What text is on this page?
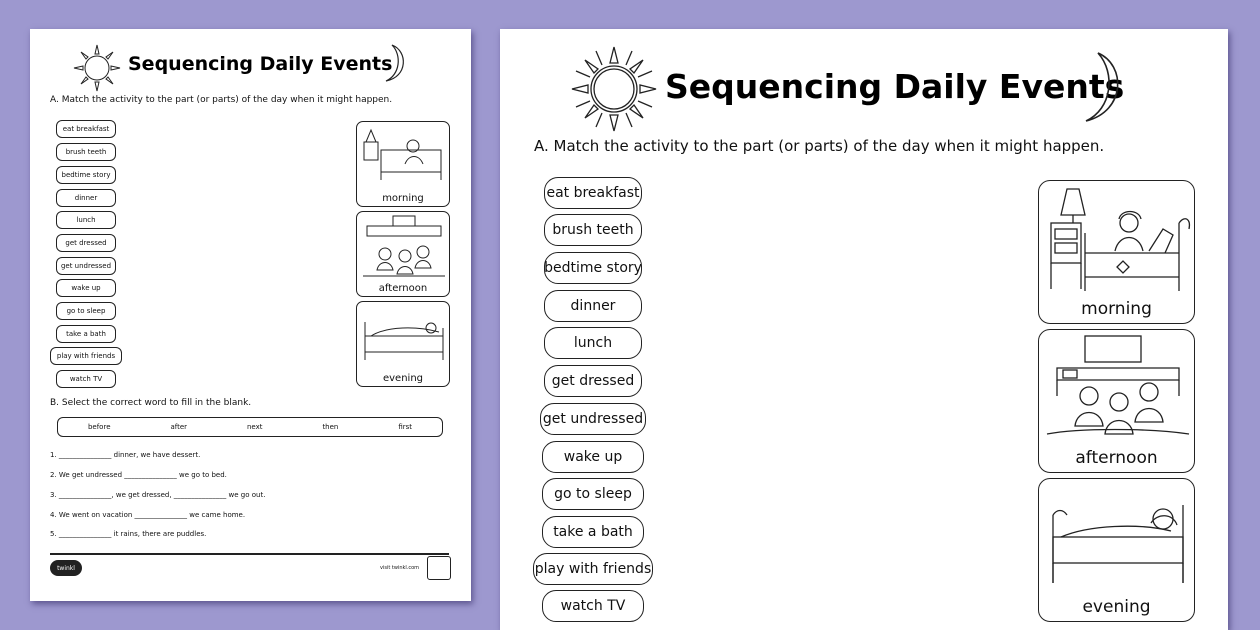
Sequencing Daily Events
A. Match the activity to the part (or parts) of the day when it might happen.
eat breakfast
brush teeth
bedtime story
dinner
lunch
get dressed
get undressed
wake up
go to sleep
take a bath
play with friends
watch TV
morning
afternoon
evening
B. Select the correct word to fill in the blank.
before	after	next	then	first
1. _______________ dinner, we have dessert.
2. We get undressed _______________ we go to bed.
3. _______________, we get dressed, _______________ we go out.
4. We went on vacation _______________ we came home.
5. _______________ it rains, there are puddles.
twinkl	visit twinkl.com
Sequencing Daily Events
A. Match the activity to the part (or parts) of the day when it might happen.
eat breakfast
brush teeth
bedtime story
dinner
lunch
get dressed
get undressed
wake up
go to sleep
take a bath
play with friends
watch TV
morning
afternoon
evening
